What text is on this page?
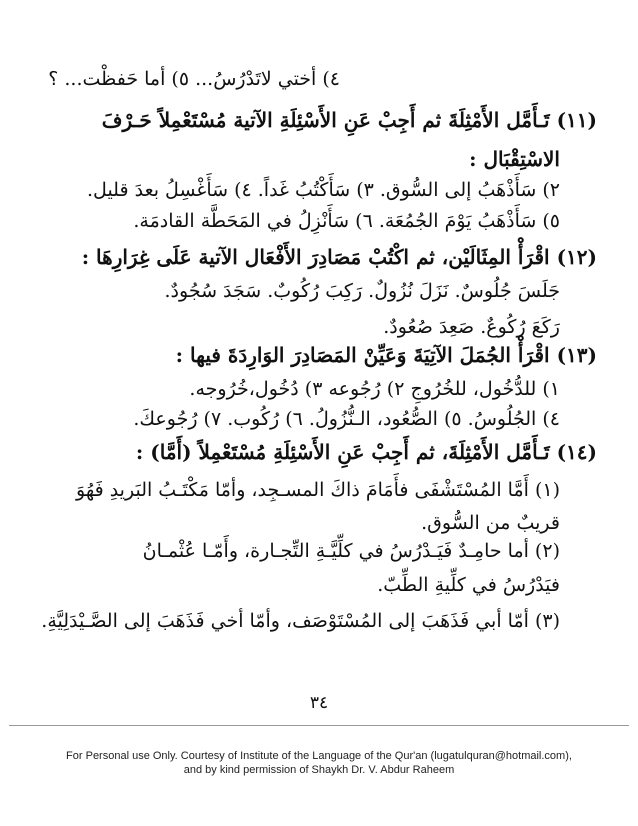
٤) أختي لاتَدْرُسُ... ٥) أما حَفظْت... ؟
(١١) تَـأَمَّل الأَمْثِلَةَ ثم أَجِبْ عَنِ الأَسْئِلَةِ الآتية مُسْتَعْمِلاً حَـرْفَ
الاسْتِقْبَال :
٢) سَأَذْهَبُ إلى السُّوق. ٣) سَأَكْتُبُ غَداً. ٤) سَأَغْسِلُ بعدَ قليل.
٥) سَأَذْهَبُ يَوْمَ الجُمُعَة. ٦) سَأَنْزِلُ في المَحَطَّة القادمَة.
(١٢) اقْرَأْ المِثَالَيْن، ثم اكْتُبْ مَصَادِرَ الأَفْعَال الآتية عَلَى غِرَارِهَا :
جَلَسَ جُلُوسٌ. نَزَلَ نُزُولٌ. رَكِبَ رُكُوبٌ. سَجَدَ سُجُودٌ.
رَكَعَ رُكُوعٌ. صَعِدَ صُعُودٌ.
(١٣) اقْرَأْ الجُمَلَ الآتِيَةَ وَعَيِّنْ المَصَادِرَ الوَارِدَةَ فيها :
١) للدُّخُول، للخُرُوجِ ٢) رُجُوعه ٣) دُخُول،خُرُوجه.
٤) الجُلُوسُ. ٥) الصُّعُود، الـنُّزُولُ. ٦) رُكُوب. ٧) رُجُوعكَ.
(١٤) تَـأَمَّل الأَمْثِلَةَ، ثم أَجِبْ عَنِ الأَسْئِلَةِ مُسْتَعْمِلاً (أَمَّا) :
(١) أَمَّا المُسْتَشْفَى فأَمَامَ ذاكَ المسـجِد، وأمّا مَكْتَـبُ البَريدِ فَهُوَ
قريبٌ من السُّوق.
(٢) أما حامِـدٌ فَيَـدْرُسُ في كلِّيَّـةِ التِّجـارة، وأَمّـا عُثْمـانُ
فيَدْرُسُ في كلِّيةِ الطِّبّ.
(٣) أمّا أبي فَذَهَبَ إلى المُسْتَوْصَف، وأمّا أخي فَذَهَبَ إلى الصَّـيْدَلِيَّةِ.
٣٤
For Personal use Only. Courtesy of Institute of the Language of the Qur'an (lugatulquran@hotmail.com),
and by kind permission of Shaykh Dr. V. Abdur Raheem
